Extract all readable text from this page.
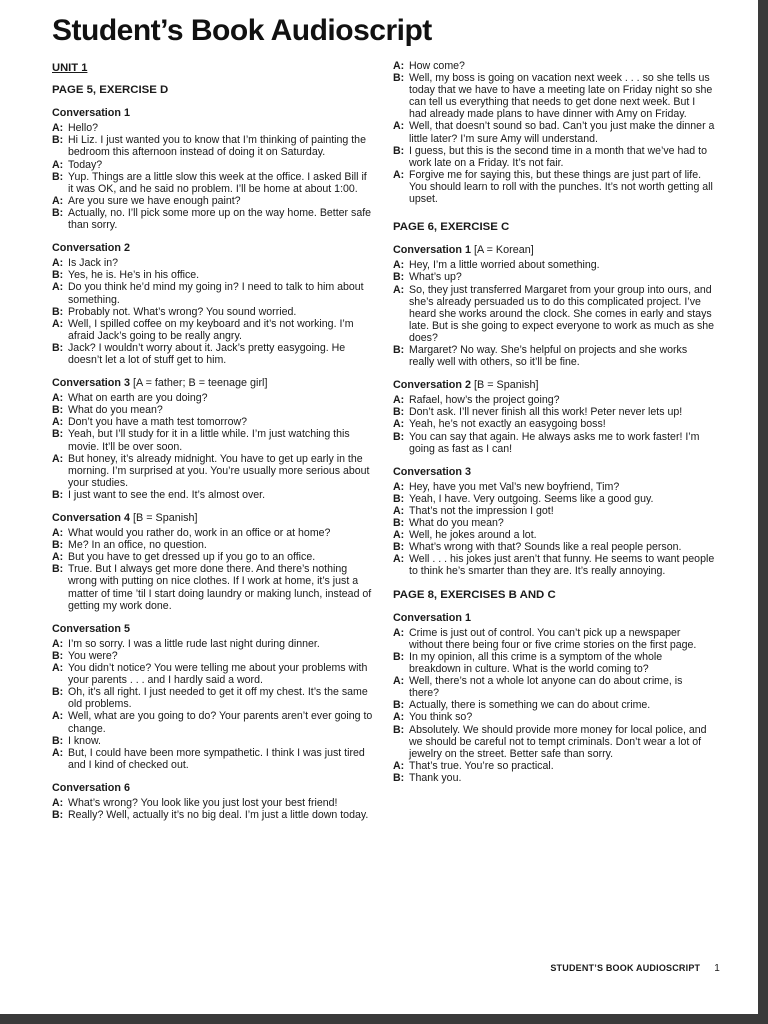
Student’s Book Audioscript
UNIT 1
PAGE 5, EXERCISE D
Conversation 1
A: Hello?
B: Hi Liz. I just wanted you to know that I’m thinking of painting the bedroom this afternoon instead of doing it on Saturday.
A: Today?
B: Yup. Things are a little slow this week at the office. I asked Bill if it was OK, and he said no problem. I’ll be home at about 1:00.
A: Are you sure we have enough paint?
B: Actually, no. I’ll pick some more up on the way home. Better safe than sorry.
Conversation 2
A: Is Jack in?
B: Yes, he is. He’s in his office.
A: Do you think he’d mind my going in? I need to talk to him about something.
B: Probably not. What’s wrong? You sound worried.
A: Well, I spilled coffee on my keyboard and it’s not working. I’m afraid Jack’s going to be really angry.
B: Jack? I wouldn’t worry about it. Jack’s pretty easygoing. He doesn’t let a lot of stuff get to him.
Conversation 3 [A = father; B = teenage girl]
A: What on earth are you doing?
B: What do you mean?
A: Don’t you have a math test tomorrow?
B: Yeah, but I’ll study for it in a little while. I’m just watching this movie. It’ll be over soon.
A: But honey, it’s already midnight. You have to get up early in the morning. I’m surprised at you. You’re usually more serious about your studies.
B: I just want to see the end. It’s almost over.
Conversation 4 [B = Spanish]
A: What would you rather do, work in an office or at home?
B: Me? In an office, no question.
A: But you have to get dressed up if you go to an office.
B: True. But I always get more done there. And there’s nothing wrong with putting on nice clothes. If I work at home, it’s just a matter of time ’til I start doing laundry or making lunch, instead of getting my work done.
Conversation 5
A: I’m so sorry. I was a little rude last night during dinner.
B: You were?
A: You didn’t notice? You were telling me about your problems with your parents . . . and I hardly said a word.
B: Oh, it’s all right. I just needed to get it off my chest. It’s the same old problems.
A: Well, what are you going to do? Your parents aren’t ever going to change.
B: I know.
A: But, I could have been more sympathetic. I think I was just tired and I kind of checked out.
Conversation 6
A: What’s wrong? You look like you just lost your best friend!
B: Really? Well, actually it’s no big deal. I’m just a little down today.
A: How come?
B: Well, my boss is going on vacation next week . . . so she tells us today that we have to have a meeting late on Friday night so she can tell us everything that needs to get done next week. But I had already made plans to have dinner with Amy on Friday.
A: Well, that doesn’t sound so bad. Can’t you just make the dinner a little later? I’m sure Amy will understand.
B: I guess, but this is the second time in a month that we’ve had to work late on a Friday. It’s not fair.
A: Forgive me for saying this, but these things are just part of life. You should learn to roll with the punches. It’s not worth getting all upset.
PAGE 6, EXERCISE C
Conversation 1 [A = Korean]
A: Hey, I’m a little worried about something.
B: What’s up?
A: So, they just transferred Margaret from your group into ours, and she’s already persuaded us to do this complicated project. I’ve heard she works around the clock. She comes in early and stays late. But is she going to expect everyone to work as much as she does?
B: Margaret? No way. She’s helpful on projects and she works really well with others, so it’ll be fine.
Conversation 2 [B = Spanish]
A: Rafael, how’s the project going?
B: Don’t ask. I’ll never finish all this work! Peter never lets up!
A: Yeah, he’s not exactly an easygoing boss!
B: You can say that again. He always asks me to work faster! I’m going as fast as I can!
Conversation 3
A: Hey, have you met Val’s new boyfriend, Tim?
B: Yeah, I have. Very outgoing. Seems like a good guy.
A: That’s not the impression I got!
B: What do you mean?
A: Well, he jokes around a lot.
B: What’s wrong with that? Sounds like a real people person.
A: Well . . . his jokes just aren’t that funny. He seems to want people to think he’s smarter than they are. It’s really annoying.
PAGE 8, EXERCISES B AND C
Conversation 1
A: Crime is just out of control. You can’t pick up a newspaper without there being four or five crime stories on the first page.
B: In my opinion, all this crime is a symptom of the whole breakdown in culture. What is the world coming to?
A: Well, there’s not a whole lot anyone can do about crime, is there?
B: Actually, there is something we can do about crime.
A: You think so?
B: Absolutely. We should provide more money for local police, and we should be careful not to tempt criminals. Don’t wear a lot of jewelry on the street. Better safe than sorry.
A: That’s true. You’re so practical.
B: Thank you.
STUDENT’S BOOK AUDIOSCRIPT 1
